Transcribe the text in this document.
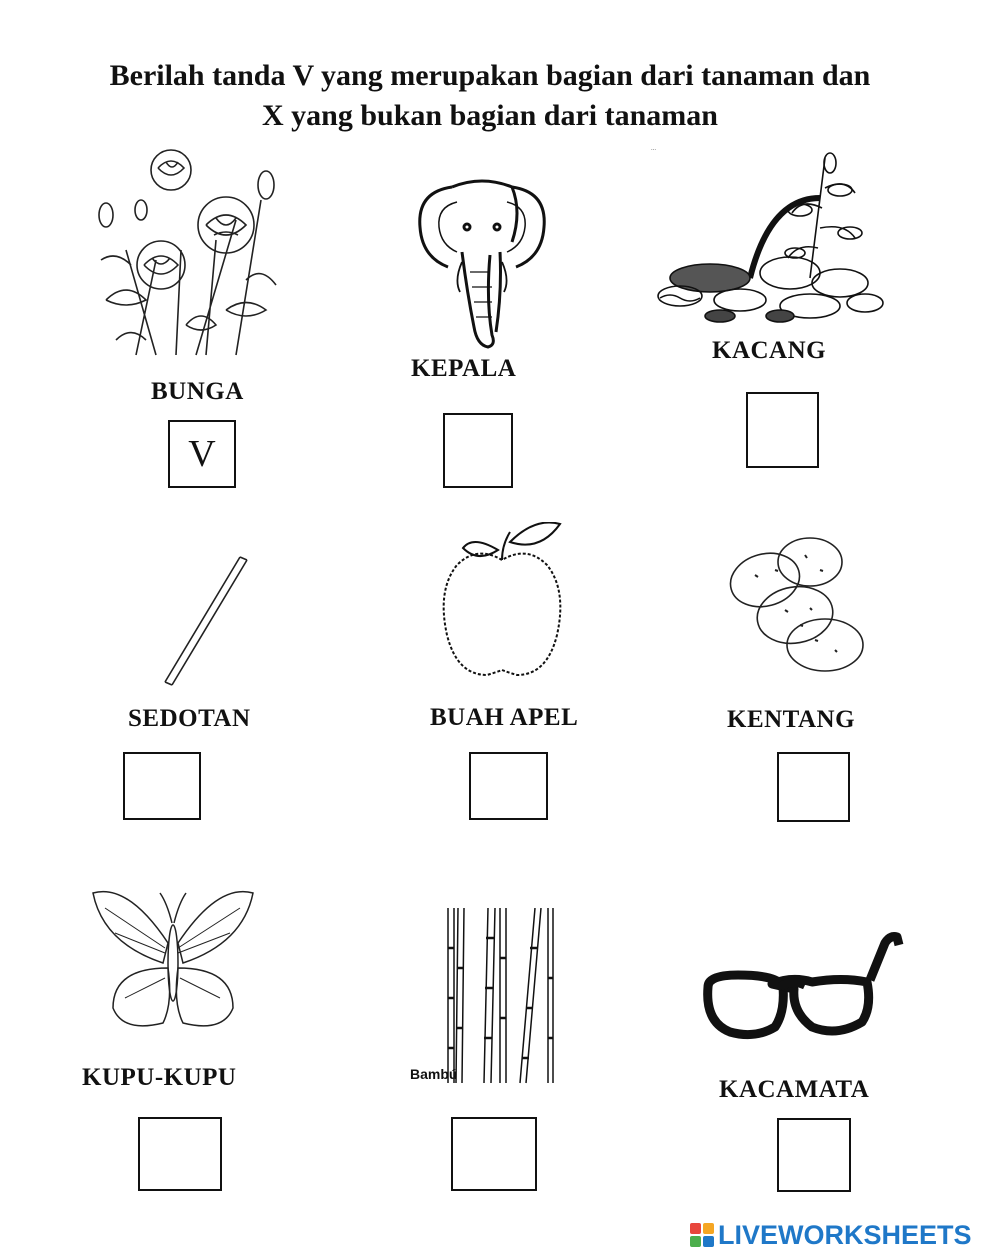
Berilah tanda V yang merupakan bagian dari tanaman dan
X yang bukan bagian dari tanaman
BUNGA
V
KEPALA
...
KACANG
SEDOTAN	BUAH APEL	KENTANG
KUPU-KUPU	Bambú
KACAMATA
LIVEWORKSHEETS
